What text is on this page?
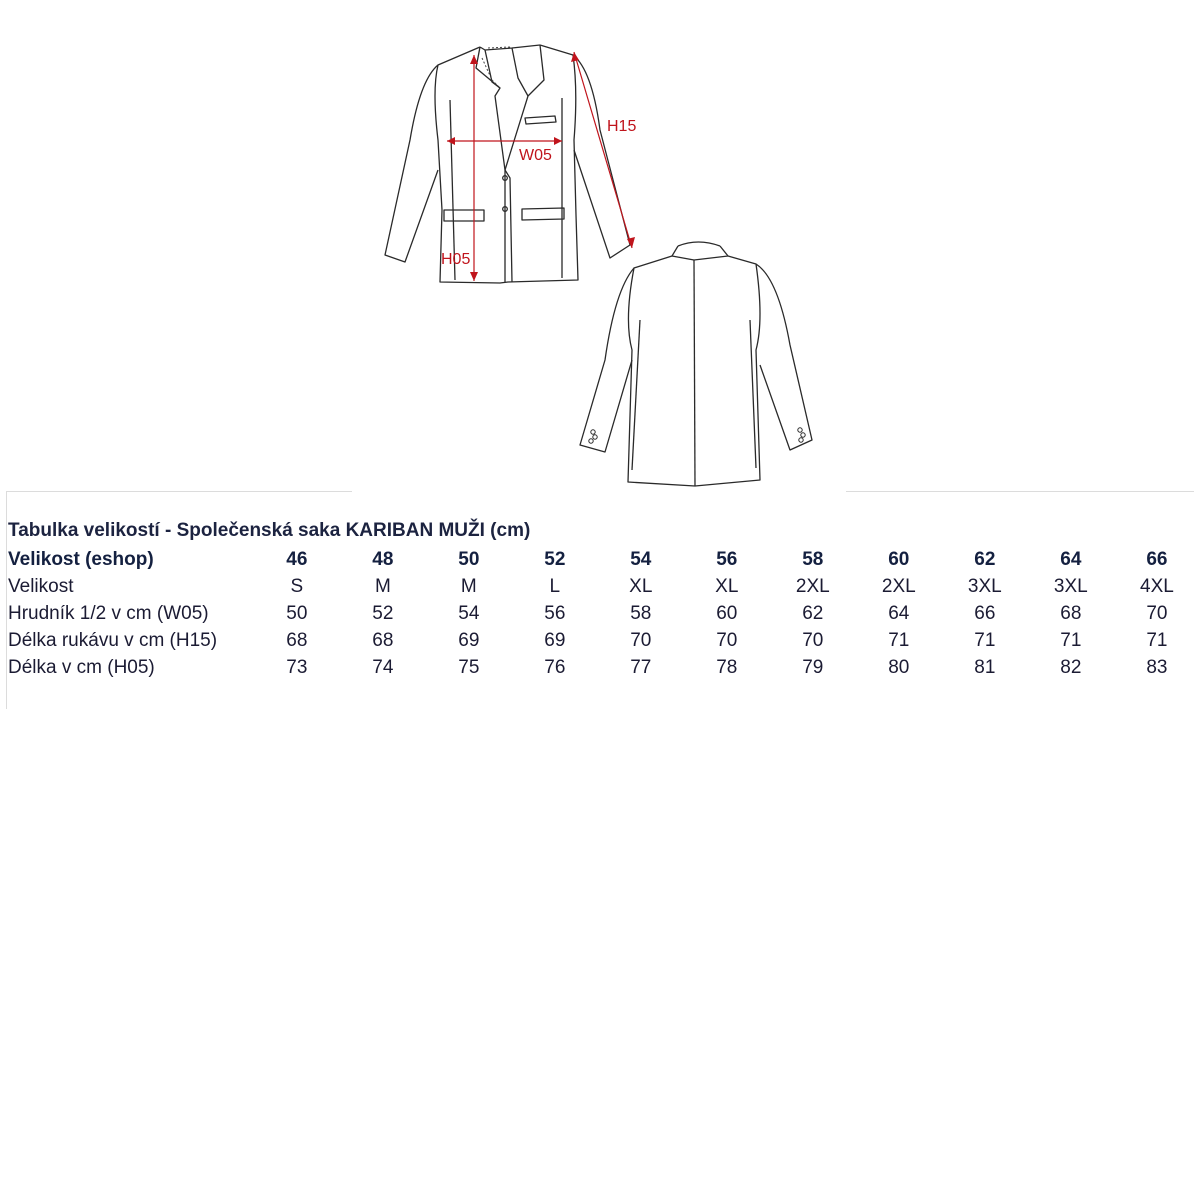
H15
W05
H05
Tabulka velikostí - Společenská saka KARIBAN MUŽI (cm)											
Velikost (eshop)	46	48	50	52	54	56	58	60	62	64	66
Velikost	S	M	M	L	XL	XL	2XL	2XL	3XL	3XL	4XL
Hrudník 1/2 v cm (W05)	50	52	54	56	58	60	62	64	66	68	70
Délka rukávu v cm (H15)	68	68	69	69	70	70	70	71	71	71	71
Délka v cm (H05)	73	74	75	76	77	78	79	80	81	82	83
